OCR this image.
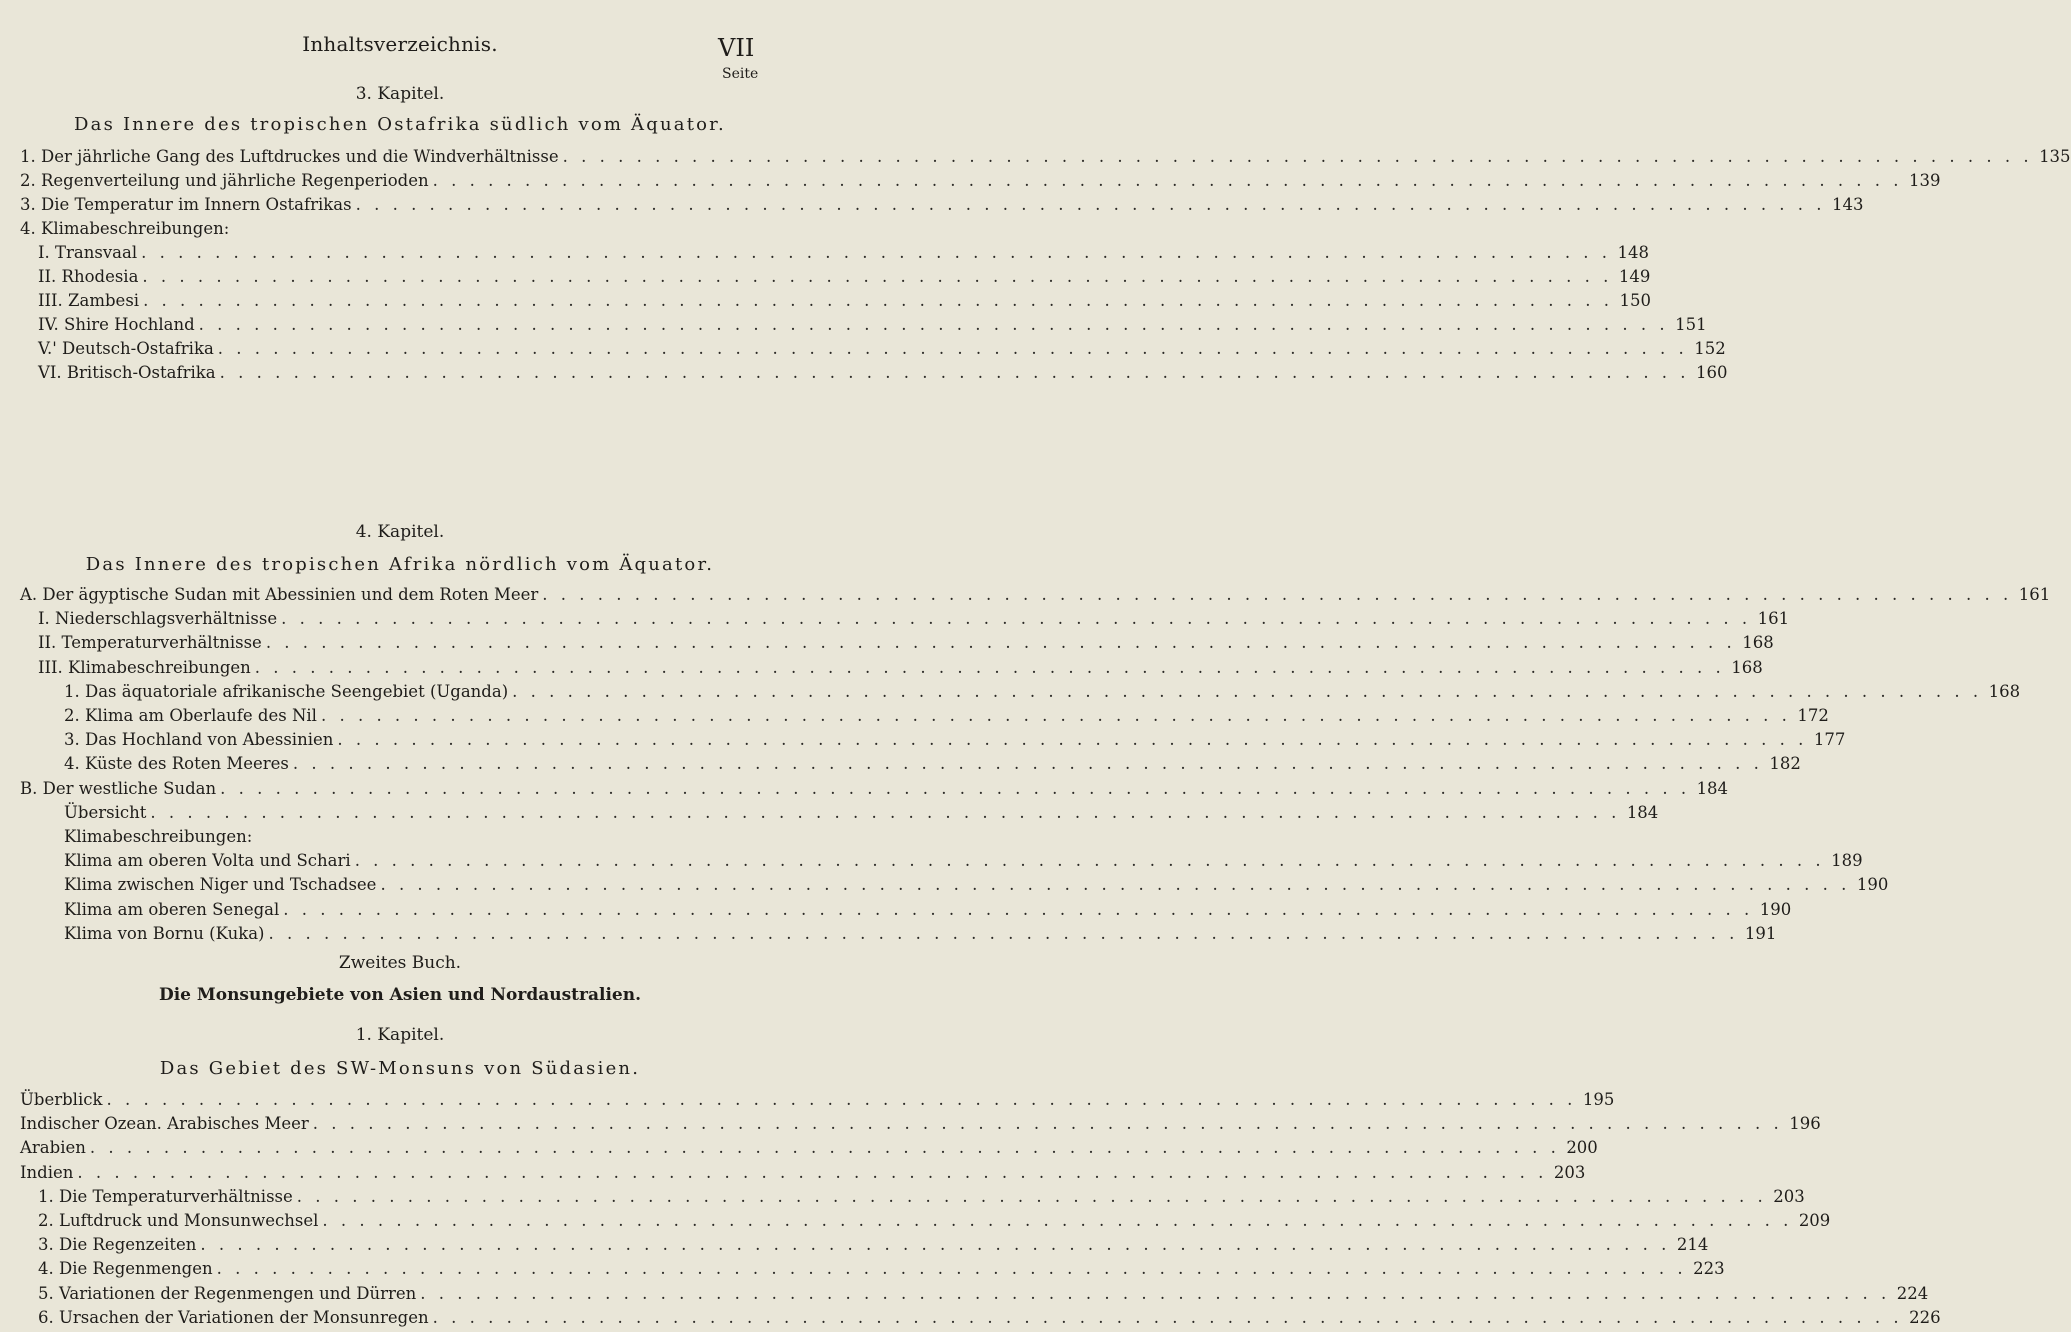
Inhaltsverzeichnis.	VII
Seite
3. Kapitel.
Das Innere des tropischen Ostafrika südlich vom Äquator.
4. Kapitel.
Das Innere des tropischen Afrika nördlich vom Äquator.
Zweites Buch.
Die Monsungebiete von Asien und Nordaustralien.
1. Kapitel.
Das Gebiet des SW-Monsuns von Südasien.
1. Der jährliche Gang des Luftdruckes und die Windverhältnisse . . . . . . . . . . . . . . . . . . . . . . . . . . . . . . . . . . . . . . . . . . . . . . . . . . . . . . . . . . . . . . . . . . . . . . . . . . . . . . . . 135
2. Regenverteilung und jährliche Regenperioden . . . . . . . . . . . . . . . . . . . . . . . . . . . . . . . . . . . . . . . . . . . . . . . . . . . . . . . . . . . . . . . . . . . . . . . . . . . . . . . . 139
3. Die Temperatur im Innern Ostafrikas . . . . . . . . . . . . . . . . . . . . . . . . . . . . . . . . . . . . . . . . . . . . . . . . . . . . . . . . . . . . . . . . . . . . . . . . . . . . . . . . 143
4. Klimabeschreibungen:
I. Transvaal . . . . . . . . . . . . . . . . . . . . . . . . . . . . . . . . . . . . . . . . . . . . . . . . . . . . . . . . . . . . . . . . . . . . . . . . . . . . . . . . 148
II. Rhodesia . . . . . . . . . . . . . . . . . . . . . . . . . . . . . . . . . . . . . . . . . . . . . . . . . . . . . . . . . . . . . . . . . . . . . . . . . . . . . . . . 149
III. Zambesi . . . . . . . . . . . . . . . . . . . . . . . . . . . . . . . . . . . . . . . . . . . . . . . . . . . . . . . . . . . . . . . . . . . . . . . . . . . . . . . . 150
IV. Shire Hochland . . . . . . . . . . . . . . . . . . . . . . . . . . . . . . . . . . . . . . . . . . . . . . . . . . . . . . . . . . . . . . . . . . . . . . . . . . . . . . . . 151
V.' Deutsch-Ostafrika . . . . . . . . . . . . . . . . . . . . . . . . . . . . . . . . . . . . . . . . . . . . . . . . . . . . . . . . . . . . . . . . . . . . . . . . . . . . . . . . 152
VI. Britisch-Ostafrika . . . . . . . . . . . . . . . . . . . . . . . . . . . . . . . . . . . . . . . . . . . . . . . . . . . . . . . . . . . . . . . . . . . . . . . . . . . . . . . . 160
A. Der ägyptische Sudan mit Abessinien und dem Roten Meer . . . . . . . . . . . . . . . . . . . . . . . . . . . . . . . . . . . . . . . . . . . . . . . . . . . . . . . . . . . . . . . . . . . . . . . . . . . . . . . . 161
I. Niederschlagsverhältnisse . . . . . . . . . . . . . . . . . . . . . . . . . . . . . . . . . . . . . . . . . . . . . . . . . . . . . . . . . . . . . . . . . . . . . . . . . . . . . . . . 161
II. Temperaturverhältnisse . . . . . . . . . . . . . . . . . . . . . . . . . . . . . . . . . . . . . . . . . . . . . . . . . . . . . . . . . . . . . . . . . . . . . . . . . . . . . . . . 168
III. Klimabeschreibungen . . . . . . . . . . . . . . . . . . . . . . . . . . . . . . . . . . . . . . . . . . . . . . . . . . . . . . . . . . . . . . . . . . . . . . . . . . . . . . . . 168
1. Das äquatoriale afrikanische Seengebiet (Uganda) . . . . . . . . . . . . . . . . . . . . . . . . . . . . . . . . . . . . . . . . . . . . . . . . . . . . . . . . . . . . . . . . . . . . . . . . . . . . . . . . 168
2. Klima am Oberlaufe des Nil . . . . . . . . . . . . . . . . . . . . . . . . . . . . . . . . . . . . . . . . . . . . . . . . . . . . . . . . . . . . . . . . . . . . . . . . . . . . . . . . 172
3. Das Hochland von Abessinien . . . . . . . . . . . . . . . . . . . . . . . . . . . . . . . . . . . . . . . . . . . . . . . . . . . . . . . . . . . . . . . . . . . . . . . . . . . . . . . . 177
4. Küste des Roten Meeres . . . . . . . . . . . . . . . . . . . . . . . . . . . . . . . . . . . . . . . . . . . . . . . . . . . . . . . . . . . . . . . . . . . . . . . . . . . . . . . . 182
B. Der westliche Sudan . . . . . . . . . . . . . . . . . . . . . . . . . . . . . . . . . . . . . . . . . . . . . . . . . . . . . . . . . . . . . . . . . . . . . . . . . . . . . . . . 184
Übersicht . . . . . . . . . . . . . . . . . . . . . . . . . . . . . . . . . . . . . . . . . . . . . . . . . . . . . . . . . . . . . . . . . . . . . . . . . . . . . . . . 184
Klimabeschreibungen:
Klima am oberen Volta und Schari . . . . . . . . . . . . . . . . . . . . . . . . . . . . . . . . . . . . . . . . . . . . . . . . . . . . . . . . . . . . . . . . . . . . . . . . . . . . . . . . 189
Klima zwischen Niger und Tschadsee . . . . . . . . . . . . . . . . . . . . . . . . . . . . . . . . . . . . . . . . . . . . . . . . . . . . . . . . . . . . . . . . . . . . . . . . . . . . . . . . 190
Klima am oberen Senegal . . . . . . . . . . . . . . . . . . . . . . . . . . . . . . . . . . . . . . . . . . . . . . . . . . . . . . . . . . . . . . . . . . . . . . . . . . . . . . . . 190
Klima von Bornu (Kuka) . . . . . . . . . . . . . . . . . . . . . . . . . . . . . . . . . . . . . . . . . . . . . . . . . . . . . . . . . . . . . . . . . . . . . . . . . . . . . . . . 191
Überblick . . . . . . . . . . . . . . . . . . . . . . . . . . . . . . . . . . . . . . . . . . . . . . . . . . . . . . . . . . . . . . . . . . . . . . . . . . . . . . . . 195
Indischer Ozean. Arabisches Meer . . . . . . . . . . . . . . . . . . . . . . . . . . . . . . . . . . . . . . . . . . . . . . . . . . . . . . . . . . . . . . . . . . . . . . . . . . . . . . . . 196
Arabien . . . . . . . . . . . . . . . . . . . . . . . . . . . . . . . . . . . . . . . . . . . . . . . . . . . . . . . . . . . . . . . . . . . . . . . . . . . . . . . . 200
Indien . . . . . . . . . . . . . . . . . . . . . . . . . . . . . . . . . . . . . . . . . . . . . . . . . . . . . . . . . . . . . . . . . . . . . . . . . . . . . . . . 203
1. Die Temperaturverhältnisse . . . . . . . . . . . . . . . . . . . . . . . . . . . . . . . . . . . . . . . . . . . . . . . . . . . . . . . . . . . . . . . . . . . . . . . . . . . . . . . . 203
2. Luftdruck und Monsunwechsel . . . . . . . . . . . . . . . . . . . . . . . . . . . . . . . . . . . . . . . . . . . . . . . . . . . . . . . . . . . . . . . . . . . . . . . . . . . . . . . . 209
3. Die Regenzeiten . . . . . . . . . . . . . . . . . . . . . . . . . . . . . . . . . . . . . . . . . . . . . . . . . . . . . . . . . . . . . . . . . . . . . . . . . . . . . . . . 214
4. Die Regenmengen . . . . . . . . . . . . . . . . . . . . . . . . . . . . . . . . . . . . . . . . . . . . . . . . . . . . . . . . . . . . . . . . . . . . . . . . . . . . . . . . 223
5. Variationen der Regenmengen und Dürren . . . . . . . . . . . . . . . . . . . . . . . . . . . . . . . . . . . . . . . . . . . . . . . . . . . . . . . . . . . . . . . . . . . . . . . . . . . . . . . . 224
6. Ursachen der Variationen der Monsunregen . . . . . . . . . . . . . . . . . . . . . . . . . . . . . . . . . . . . . . . . . . . . . . . . . . . . . . . . . . . . . . . . . . . . . . . . . . . . . . . . 226
